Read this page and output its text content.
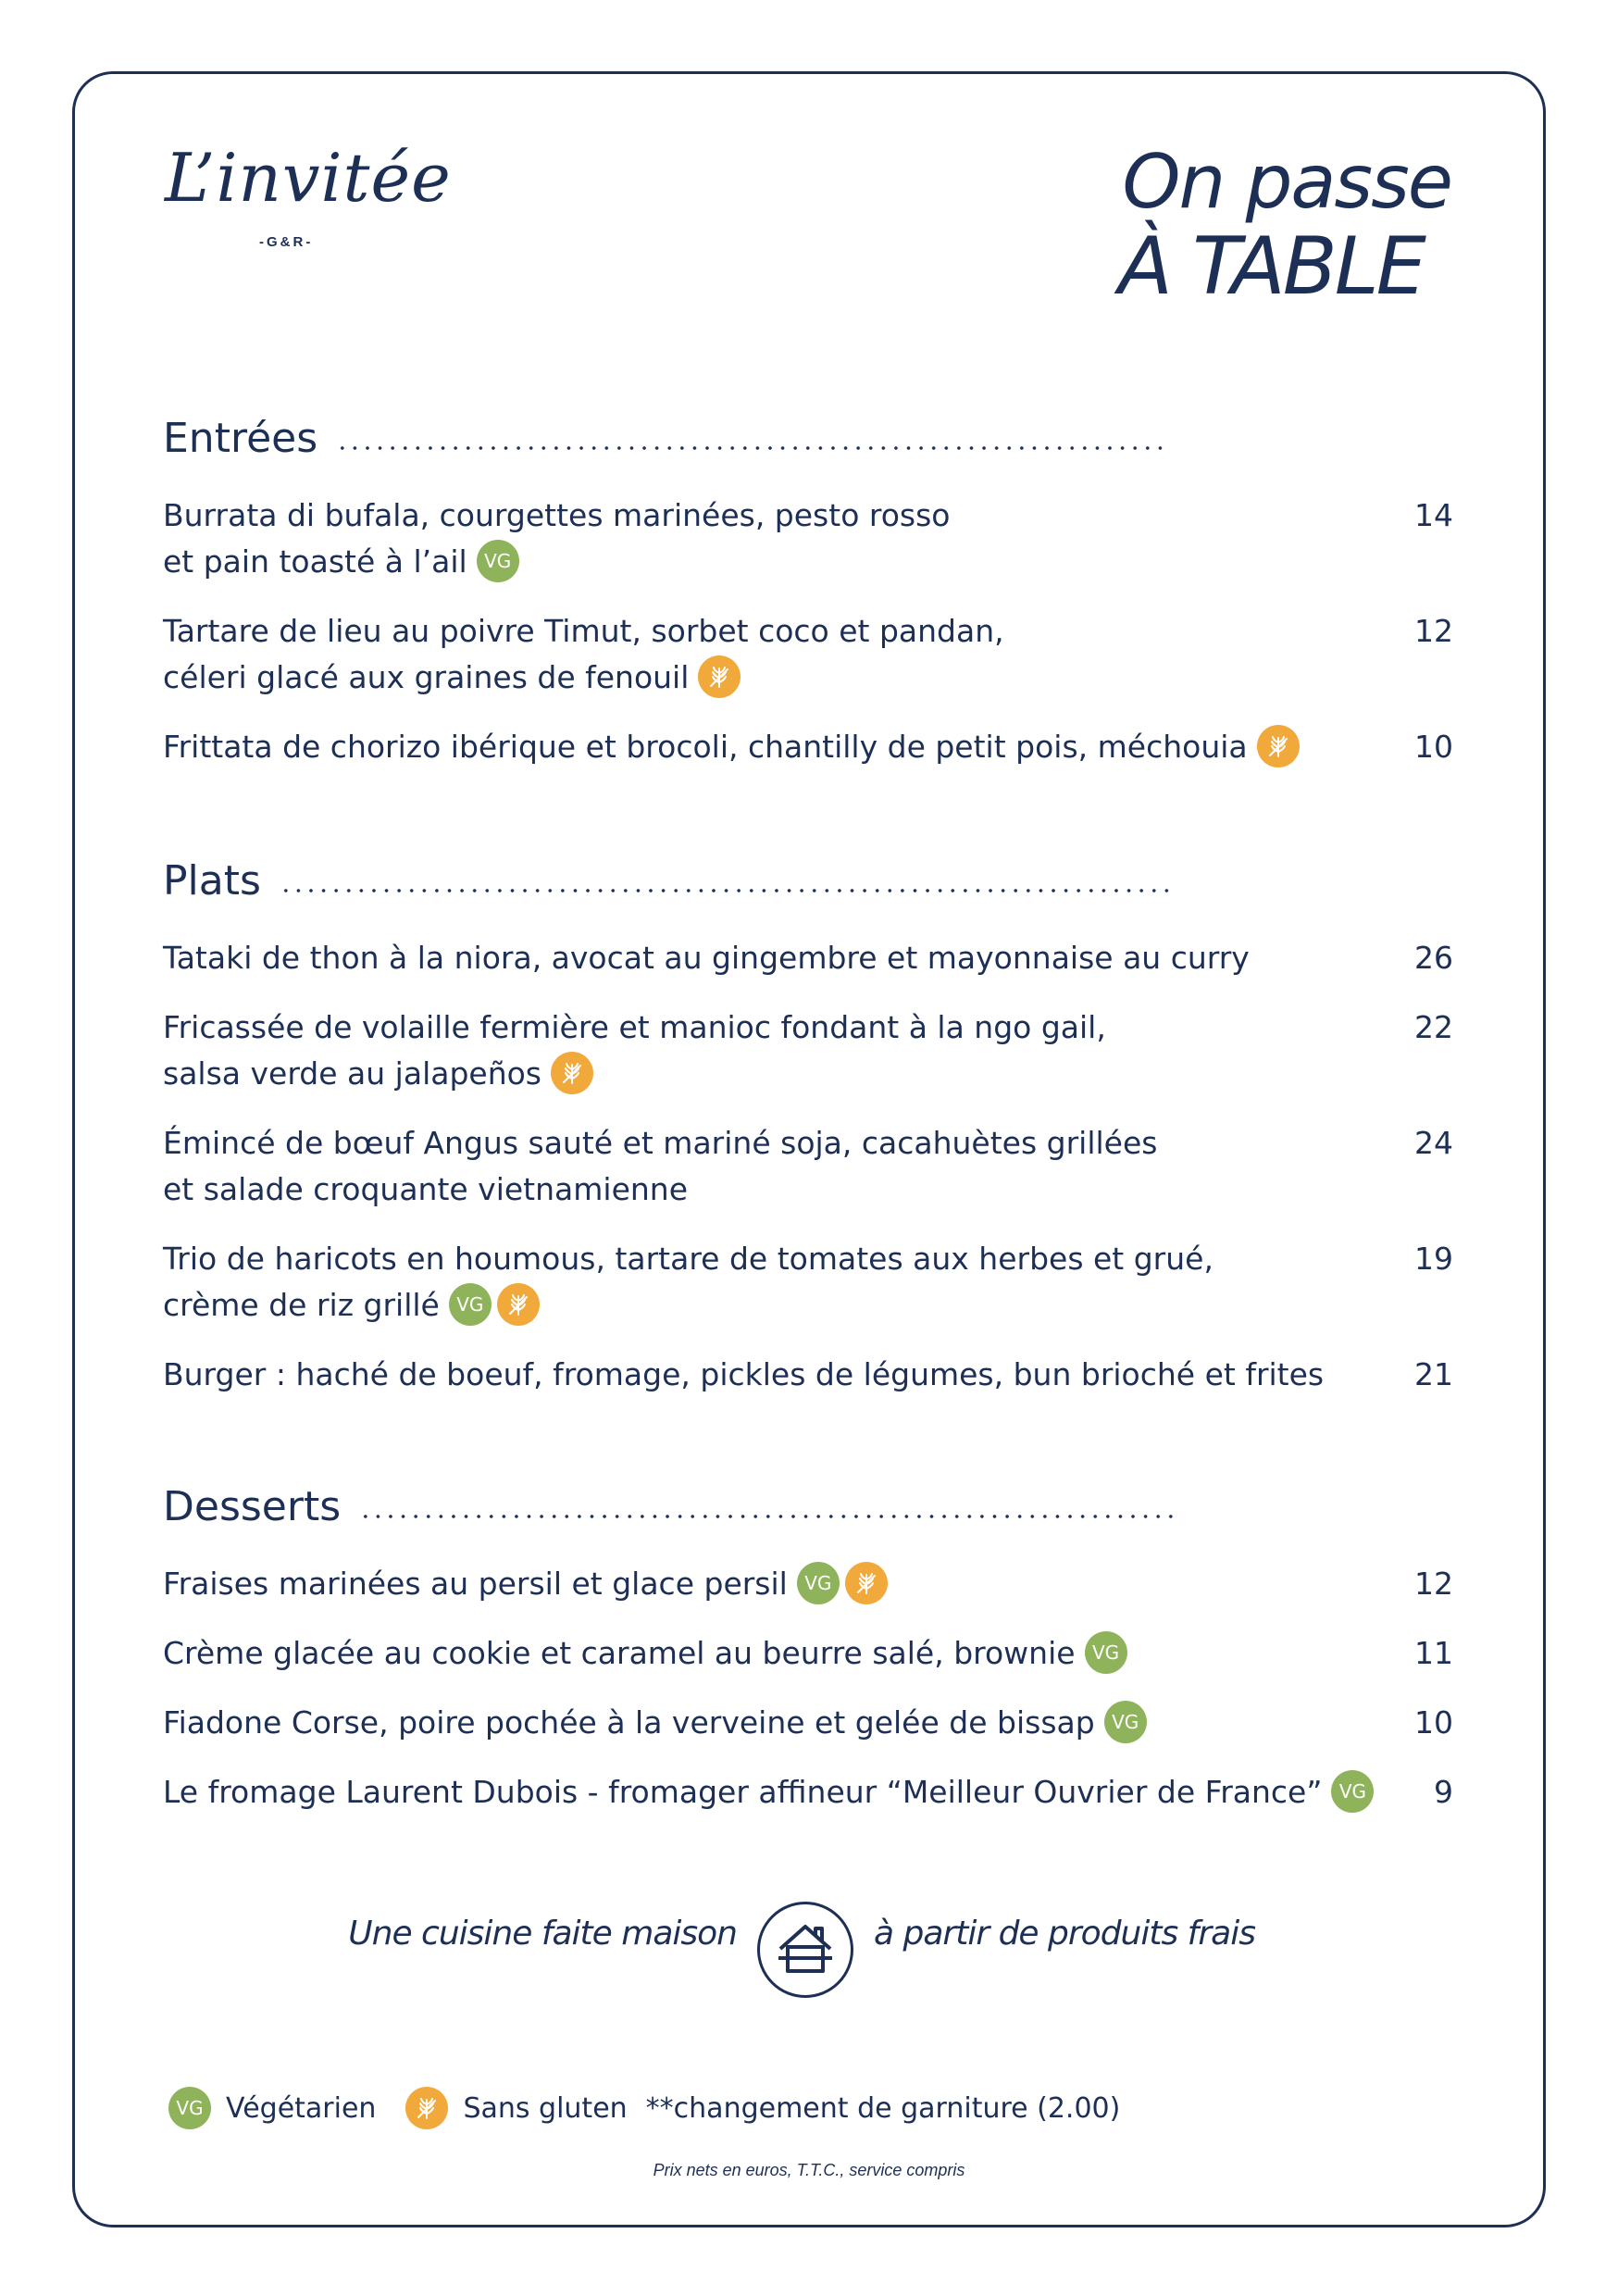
L’invitée
-G&R-
On passe
À TABLE
Entrées
Burrata di bufala, courgettes marinées, pesto rosso
et pain toasté à l’ail VG
14
Tartare de lieu au poivre Timut, sorbet coco et pandan,
céleri glacé aux graines de fenouil
12
Frittata de chorizo ibérique et brocoli, chantilly de petit pois, méchouia	10
Plats
Tataki de thon à la niora, avocat au gingembre et mayonnaise au curry	26
Fricassée de volaille fermière et manioc fondant à la ngo gail,
salsa verde au jalapeños
22
Émincé de bœuf Angus sauté et mariné soja, cacahuètes grillées
et salade croquante vietnamienne
24
Trio de haricots en houmous, tartare de tomates aux herbes et grué,
crème de riz grillé VG
19
Burger : haché de boeuf, fromage, pickles de légumes, bun brioché et frites	21
Desserts
Fraises marinées au persil et glace persil VG	12
Crème glacée au cookie et caramel au beurre salé, brownie VG	11
Fiadone Corse, poire pochée à la verveine et gelée de bissap VG	10
Le fromage Laurent Dubois - fromager affineur “Meilleur Ouvrier de France” VG 9
Une cuisine faite maison	à partir de produits frais
VG Végétarien	Sans gluten **changement de garniture (2.00)
Prix nets en euros, T.T.C., service compris
